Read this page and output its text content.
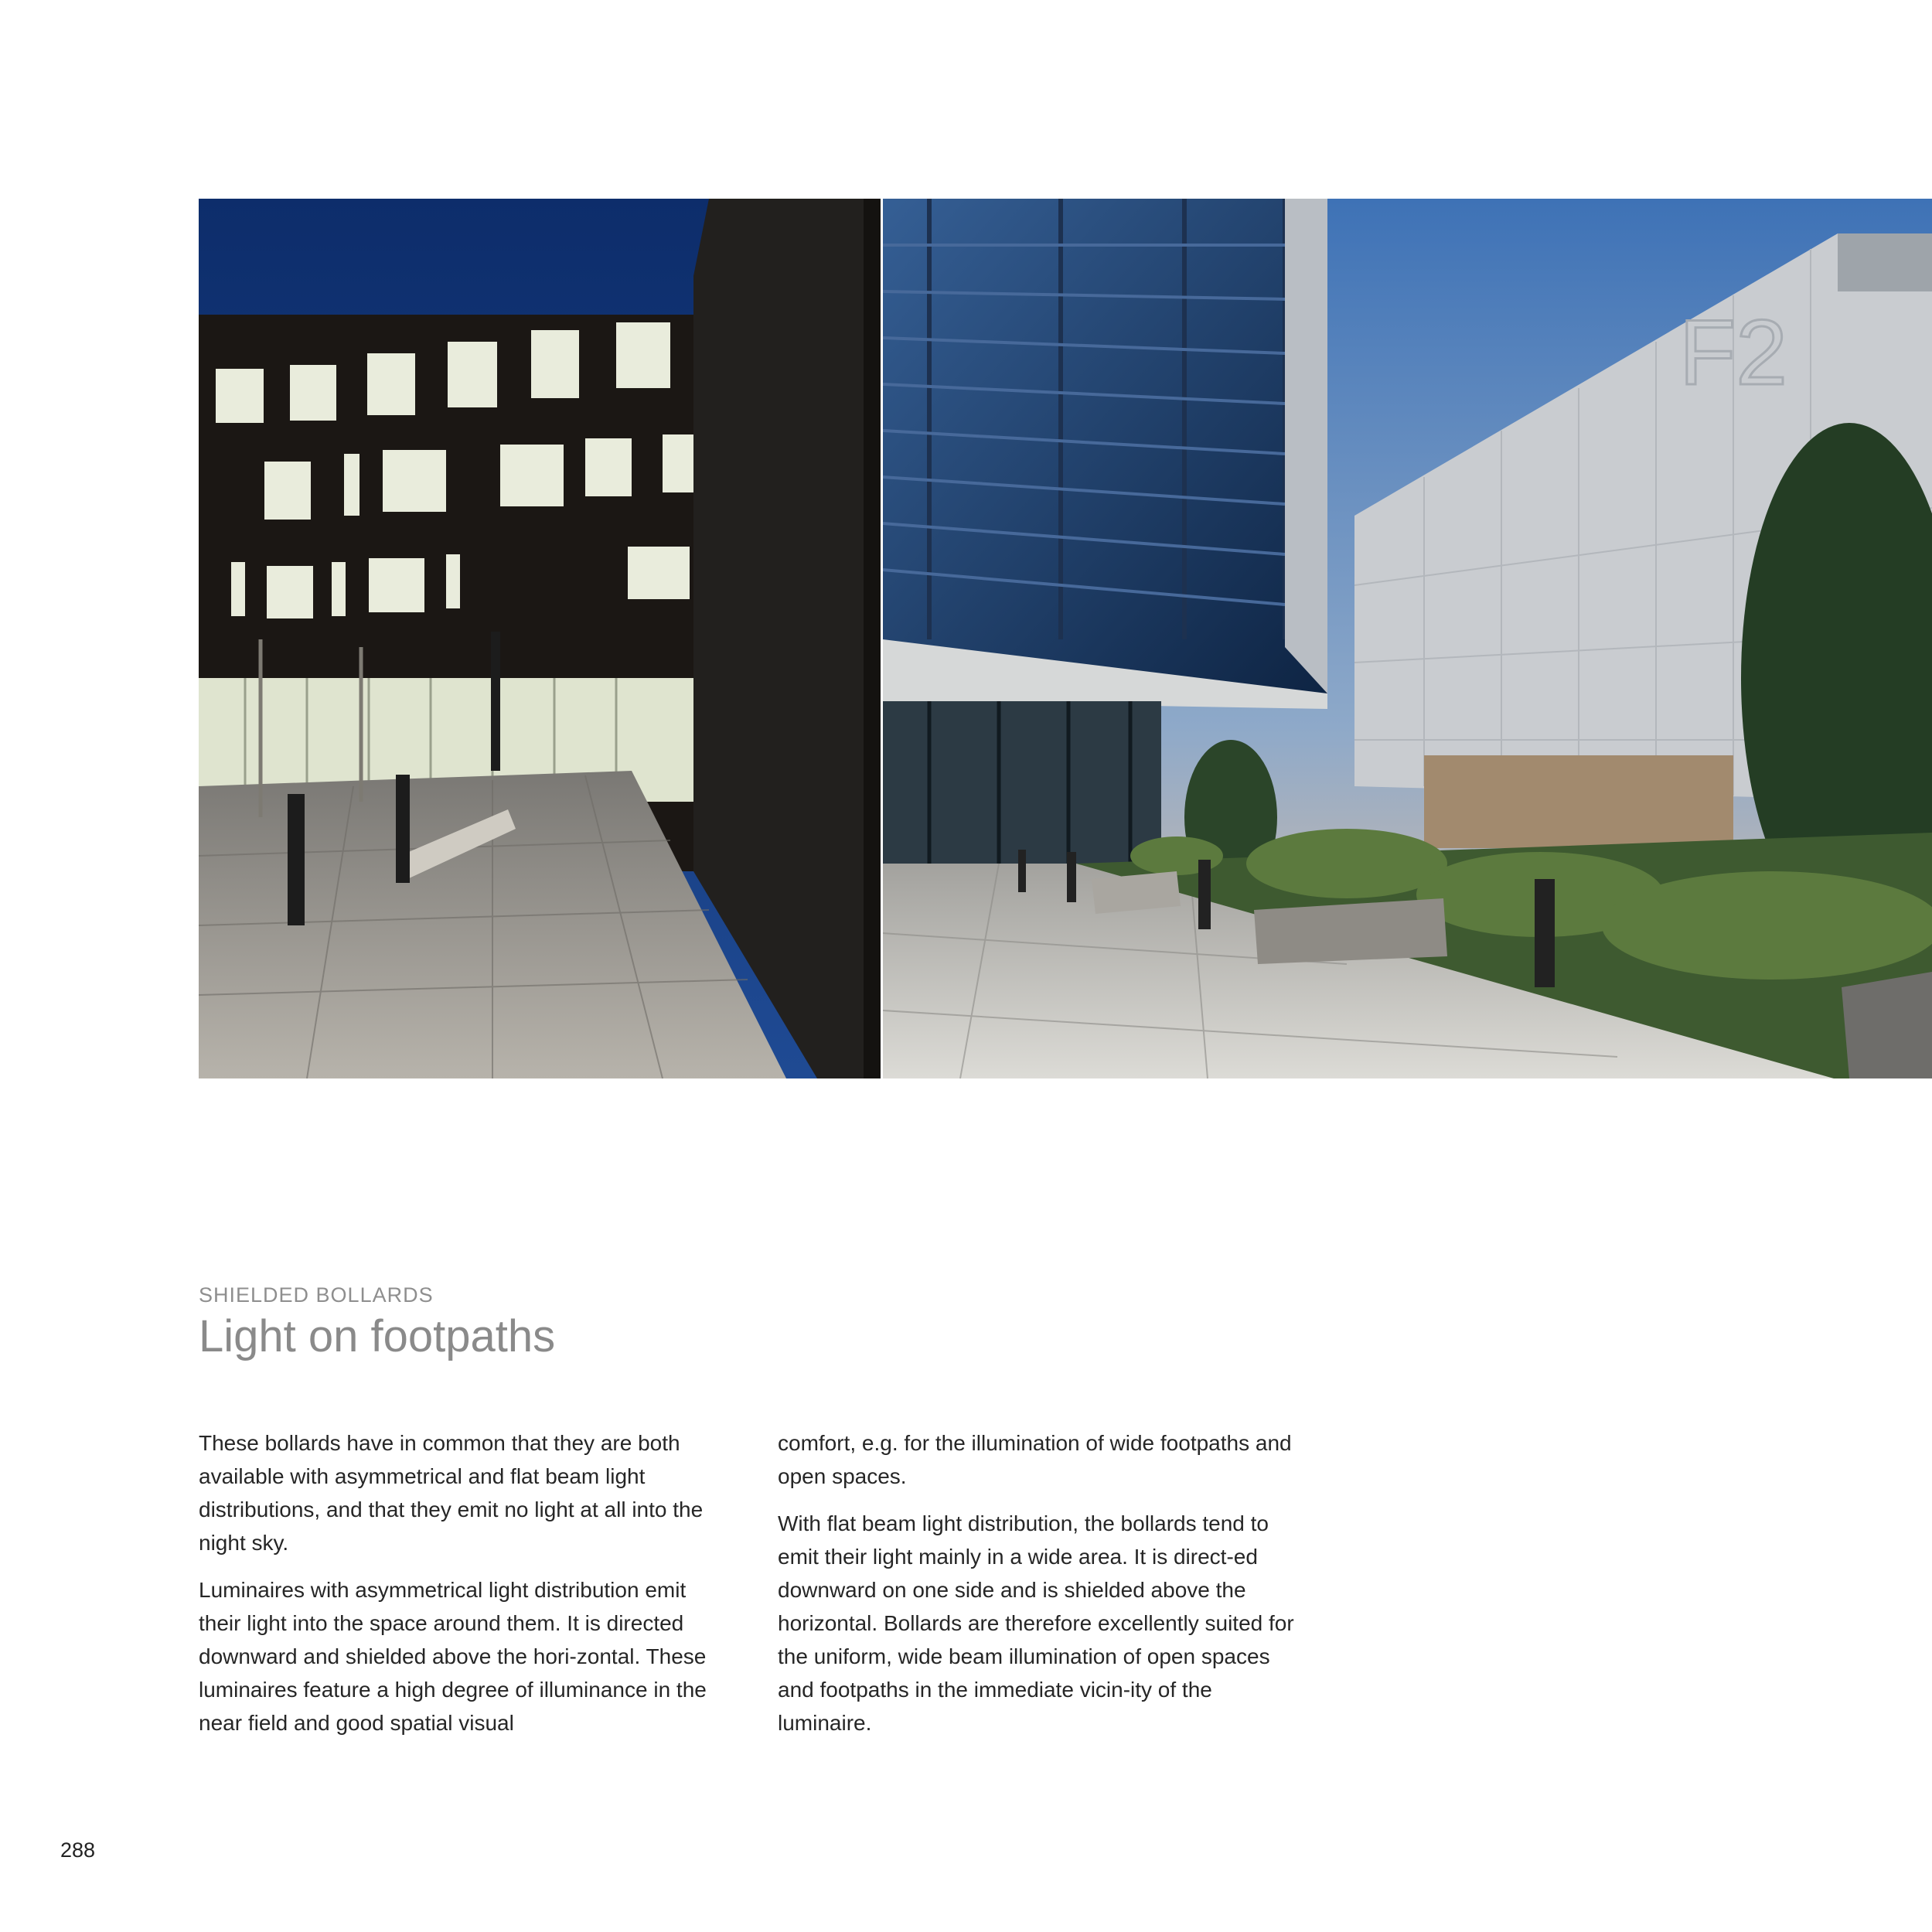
F2
SHIELDED BOLLARDS
Light on footpaths

These bollards have in common that they are both available with asymmetrical and flat beam light distributions, and that they emit no light at all into the night sky.

Luminaires with asymmetrical light distribution emit their light into the space around them. It is directed downward and shielded above the hori-zontal. These luminaires feature a high degree of illuminance in the near field and good spatial visual

comfort, e.g. for the illumination of wide footpaths and open spaces.

With flat beam light distribution, the bollards tend to emit their light mainly in a wide area. It is direct-ed downward on one side and is shielded above the horizontal. Bollards are therefore excellently suited for the uniform, wide beam illumination of open spaces and footpaths in the immediate vicin-ity of the luminaire.

288
